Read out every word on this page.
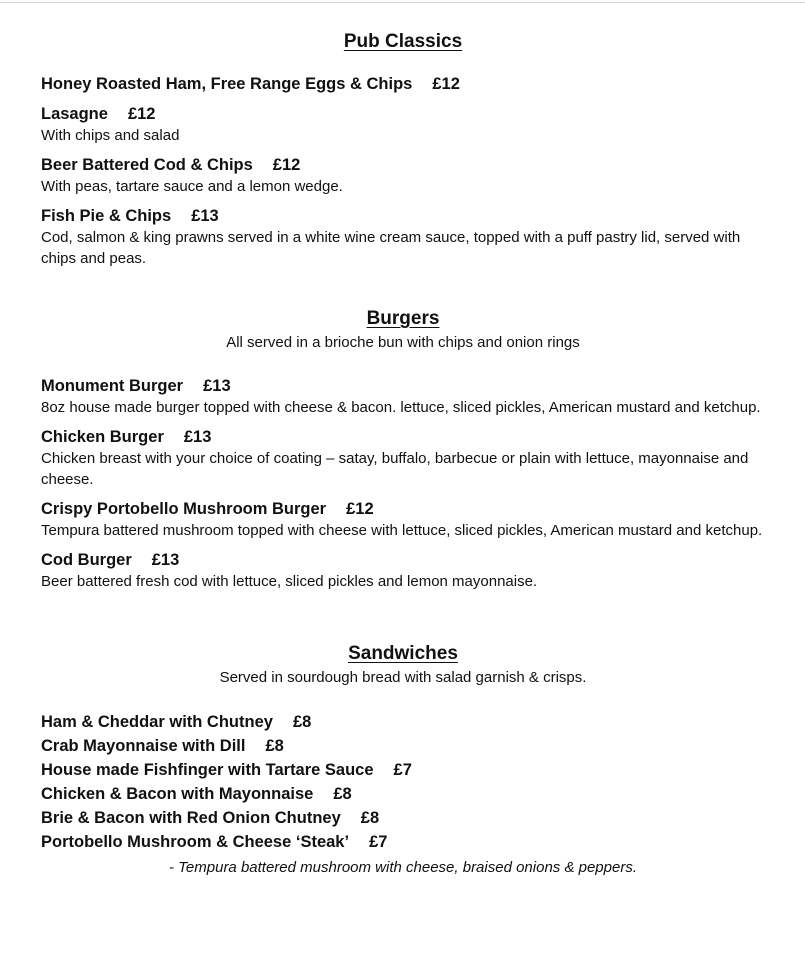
Pub Classics
Honey Roasted Ham, Free Range Eggs & Chips £12
Lasagne £12
With chips and salad
Beer Battered Cod & Chips £12
With peas, tartare sauce and a lemon wedge.
Fish Pie & Chips £13
Cod, salmon & king prawns served in a white wine cream sauce, topped with a puff pastry lid, served with chips and peas.
Burgers
All served in a brioche bun with chips and onion rings
Monument Burger £13
8oz house made burger topped with cheese & bacon. lettuce, sliced pickles, American mustard and ketchup.
Chicken Burger £13
Chicken breast with your choice of coating – satay, buffalo, barbecue or plain with lettuce, mayonnaise and cheese.
Crispy Portobello Mushroom Burger £12
Tempura battered mushroom topped with cheese with lettuce, sliced pickles, American mustard and ketchup.
Cod Burger £13
Beer battered fresh cod with lettuce, sliced pickles and lemon mayonnaise.
Sandwiches
Served in sourdough bread with salad garnish & crisps.
Ham & Cheddar with Chutney £8
Crab Mayonnaise with Dill £8
House made Fishfinger with Tartare Sauce £7
Chicken & Bacon with Mayonnaise £8
Brie & Bacon with Red Onion Chutney £8
Portobello Mushroom & Cheese ‘Steak’ £7
- Tempura battered mushroom with cheese, braised onions & peppers.
